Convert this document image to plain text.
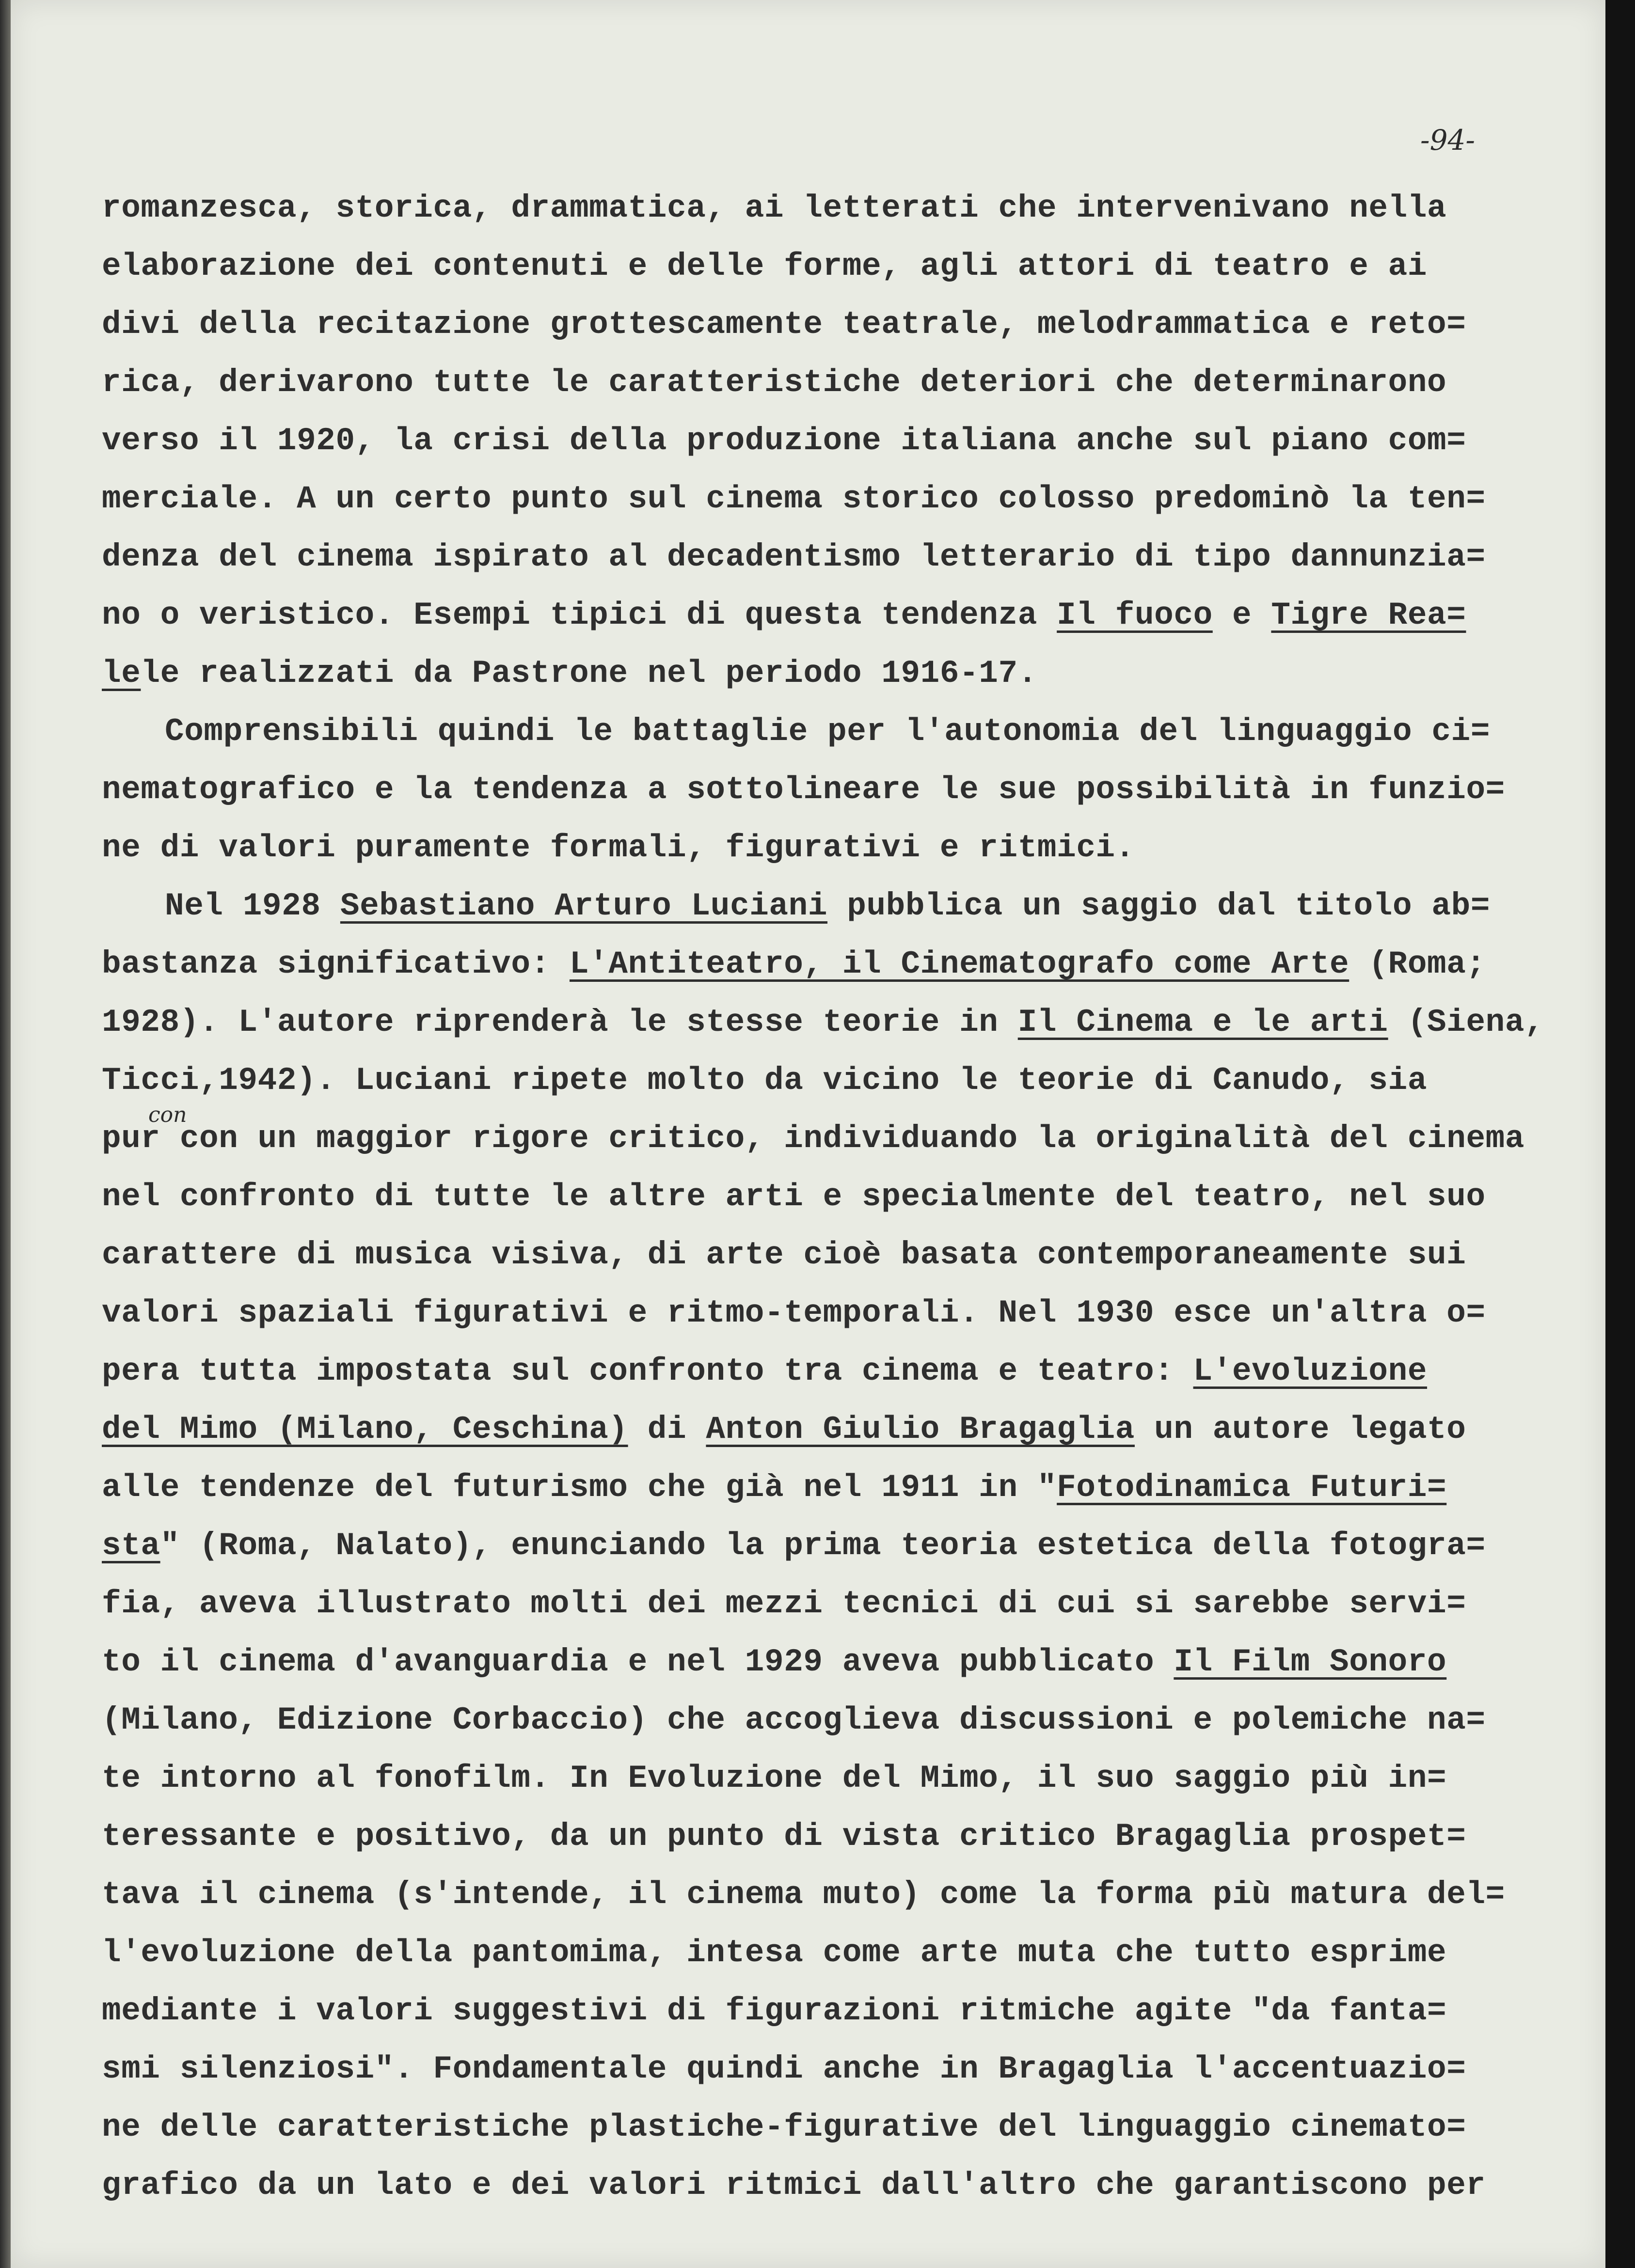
-94-
con
romanzesca, storica, drammatica, ai letterati che intervenivano nella
elaborazione dei contenuti e delle forme, agli attori di teatro e ai
divi della recitazione grottescamente teatrale, melodrammatica e reto=
rica, derivarono tutte le caratteristiche deteriori che determinarono
verso il 1920, la crisi della produzione italiana anche sul piano com=
merciale. A un certo punto sul cinema storico colosso predominò la ten=
denza del cinema ispirato al decadentismo letterario di tipo dannunzia=
no o veristico. Esempi tipici di questa tendenza Il fuoco e Tigre Rea=
lele realizzati da Pastrone nel periodo 1916-17.
Comprensibili quindi le battaglie per l'autonomia del linguaggio ci=
nematografico e la tendenza a sottolineare le sue possibilità in funzio=
ne di valori puramente formali, figurativi e ritmici.
Nel 1928 Sebastiano Arturo Luciani pubblica un saggio dal titolo ab=
bastanza significativo: L'Antiteatro, il Cinematografo come Arte (Roma;
1928). L'autore riprenderà le stesse teorie in Il Cinema e le arti (Siena,
Ticci,1942). Luciani ripete molto da vicino le teorie di Canudo, sia
pur con un maggior rigore critico, individuando la originalità del cinema
nel confronto di tutte le altre arti e specialmente del teatro, nel suo
carattere di musica visiva, di arte cioè basata contemporaneamente sui
valori spaziali figurativi e ritmo-temporali. Nel 1930 esce un'altra o=
pera tutta impostata sul confronto tra cinema e teatro: L'evoluzione
del Mimo (Milano, Ceschina) di Anton Giulio Bragaglia un autore legato
alle tendenze del futurismo che già nel 1911 in "Fotodinamica Futuri=
sta" (Roma, Nalato), enunciando la prima teoria estetica della fotogra=
fia, aveva illustrato molti dei mezzi tecnici di cui si sarebbe servi=
to il cinema d'avanguardia e nel 1929 aveva pubblicato Il Film Sonoro
(Milano, Edizione Corbaccio) che accoglieva discussioni e polemiche na=
te intorno al fonofilm. In Evoluzione del Mimo, il suo saggio più in=
teressante e positivo, da un punto di vista critico Bragaglia prospet=
tava il cinema (s'intende, il cinema muto) come la forma più matura del=
l'evoluzione della pantomima, intesa come arte muta che tutto esprime
mediante i valori suggestivi di figurazioni ritmiche agite "da fanta=
smi silenziosi". Fondamentale quindi anche in Bragaglia l'accentuazio=
ne delle caratteristiche plastiche-figurative del linguaggio cinemato=
grafico da un lato e dei valori ritmici dall'altro che garantiscono per
